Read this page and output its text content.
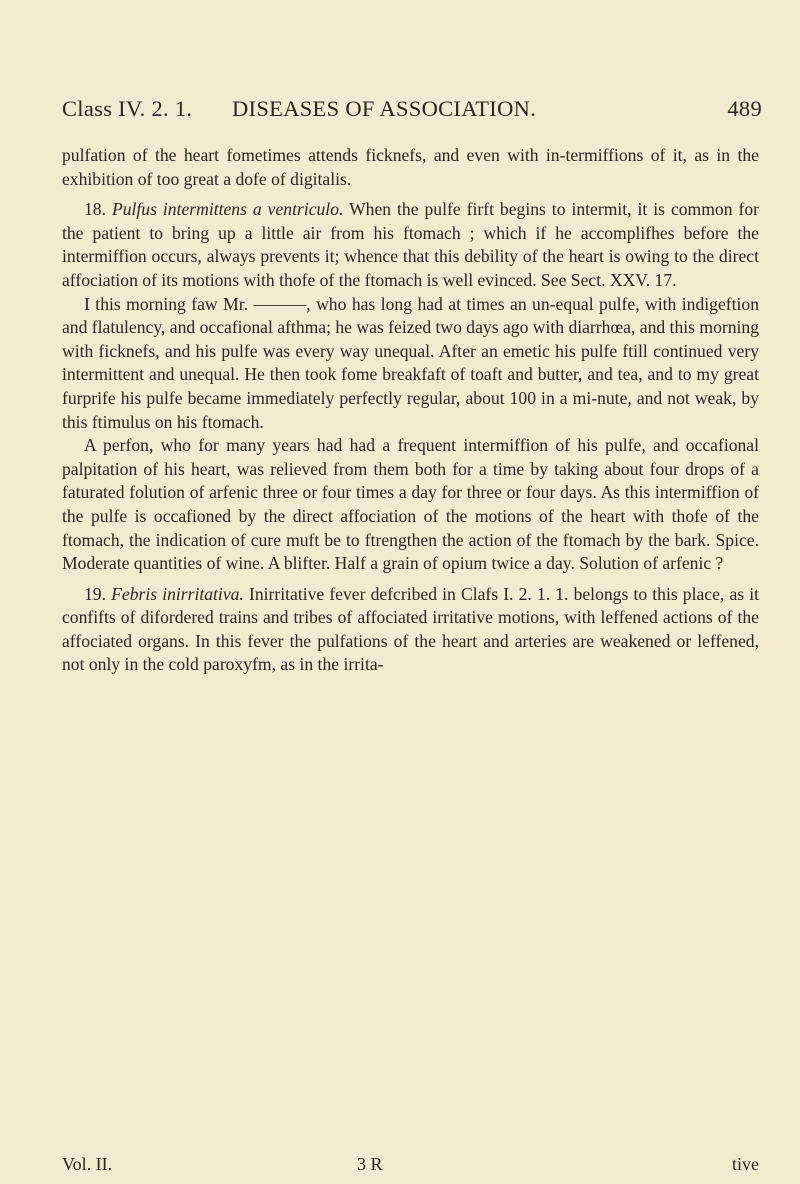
Class IV. 2. 1. DISEASES OF ASSOCIATION.	489

pulfation of the heart fometimes attends ficknefs, and even with in-termiffions of it, as in the exhibition of too great a dofe of digitalis.

18. Pulfus intermittens a ventriculo. When the pulfe firft begins to intermit, it is common for the patient to bring up a little air from his ftomach ; which if he accomplifhes before the intermiffion occurs, always prevents it; whence that this debility of the heart is owing to the direct affociation of its motions with thofe of the ftomach is well evinced. See Sect. XXV. 17.

I this morning faw Mr. ———, who has long had at times an un-equal pulfe, with indigeftion and flatulency, and occafional afthma; he was feized two days ago with diarrhœa, and this morning with ficknefs, and his pulfe was every way unequal. After an emetic his pulfe ftill continued very intermittent and unequal. He then took fome breakfaft of toaft and butter, and tea, and to my great furprife his pulfe became immediately perfectly regular, about 100 in a mi-nute, and not weak, by this ftimulus on his ftomach.

A perfon, who for many years had had a frequent intermiffion of his pulfe, and occafional palpitation of his heart, was relieved from them both for a time by taking about four drops of a faturated folution of arfenic three or four times a day for three or four days. As this intermiffion of the pulfe is occafioned by the direct affociation of the motions of the heart with thofe of the ftomach, the indication of cure muft be to ftrengthen the action of the ftomach by the bark. Spice. Moderate quantities of wine. A blifter. Half a grain of opium twice a day. Solution of arfenic ?

19. Febris inirritativa. Inirritative fever defcribed in Clafs I. 2. 1. 1. belongs to this place, as it confifts of difordered trains and tribes of affociated irritative motions, with leffened actions of the affociated organs. In this fever the pulfations of the heart and arteries are weakened or leffened, not only in the cold paroxyfm, as in the irrita-

Vol. II.	3 R	tive
